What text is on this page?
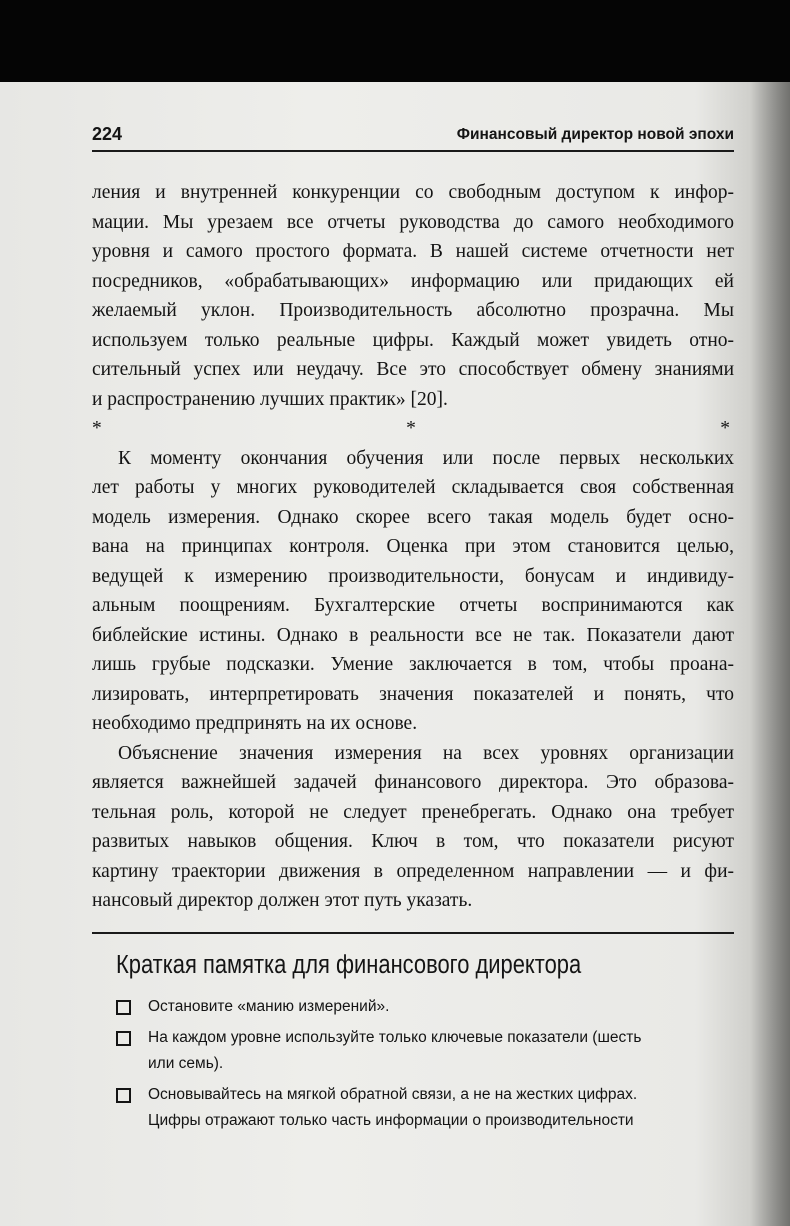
224	Финансовый директор новой эпохи

ления и внутренней конкуренции со свободным доступом к инфор-

мации. Мы урезаем все отчеты руководства до самого необходимого

уровня и самого простого формата. В нашей системе отчетности нет

посредников, «обрабатывающих» информацию или придающих ей

желаемый уклон. Производительность абсолютно прозрачна. Мы

используем только реальные цифры. Каждый может увидеть отно-

сительный успех или неудачу. Все это способствует обмену знаниями

и распространению лучших практик» [20].

* * *

К моменту окончания обучения или после первых нескольких

лет работы у многих руководителей складывается своя собственная

модель измерения. Однако скорее всего такая модель будет осно-

вана на принципах контроля. Оценка при этом становится целью,

ведущей к измерению производительности, бонусам и индивиду-

альным поощрениям. Бухгалтерские отчеты воспринимаются как

библейские истины. Однако в реальности все не так. Показатели дают

лишь грубые подсказки. Умение заключается в том, чтобы проана-

лизировать, интерпретировать значения показателей и понять, что

необходимо предпринять на их основе.

Объяснение значения измерения на всех уровнях организации

является важнейшей задачей финансового директора. Это образова-

тельная роль, которой не следует пренебрегать. Однако она требует

развитых навыков общения. Ключ в том, что показатели рисуют

картину траектории движения в определенном направлении — и фи-

нансовый директор должен этот путь указать.

Краткая памятка для финансового директора
Остановите «манию измерений».
На каждом уровне используйте только ключевые показатели (шесть
или семь).
Основывайтесь на мягкой обратной связи, а не на жестких цифрах.
Цифры отражают только часть информации о производительности
